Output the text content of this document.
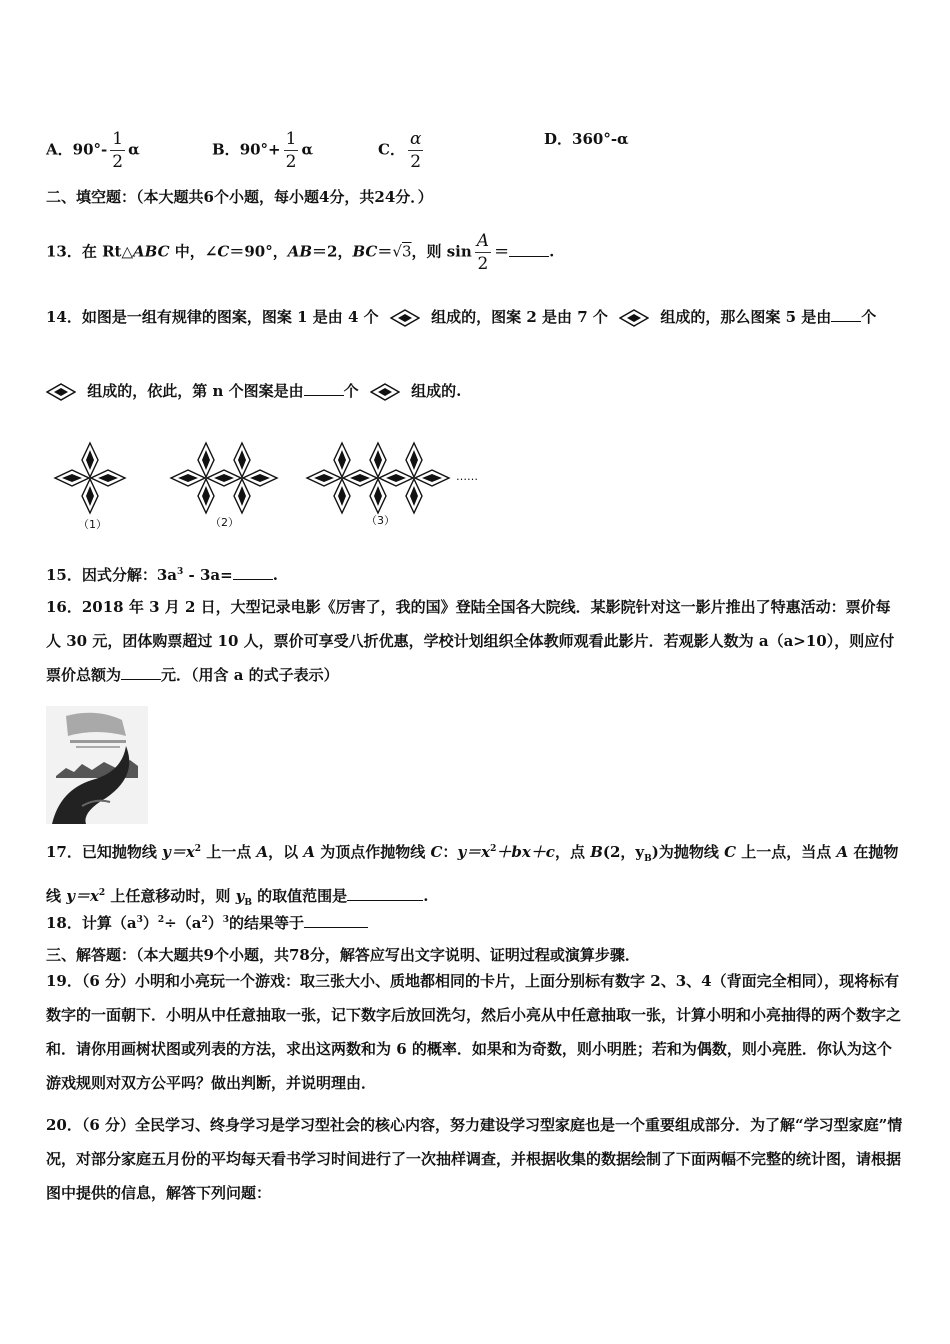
A．$90^\circ- \frac{1}{2}$ α	B．$90^\circ+ \frac{1}{2}$ α	C． $\frac{\alpha}{2}$	D．360°-α
二、填空题：（本大题共6个小题，每小题4分，共24分．）
13．在 Rt△ABC 中，∠C＝90°，AB＝2，BC＝√3，则 $\sin \frac{A}{2}$ ＝	.
14．如图是一组有规律的图案，图案 1 是由 4 个	组成的，图案 2 是由 7 个	组成的，那么图案 5 是由 个
组成的，依此，第 n 个图案是由	个	组成的.
……
（1）	（2）	（3）
15．因式分解：$3a^3 - 3a=$	.
16．2018 年 3 月 2 日，大型记录电影《厉害了，我的国》登陆全国各大院线．某影院针对这一影片推出了特惠活动：票价每人 30 元，团体购票超过 10 人，票价可享受八折优惠，学校计划组织全体教师观看此影片．若观影人数为 a（a>10），则应付票价总额为	元．（用含 a 的式子表示）
17．已知抛物线 $y=x^2$ 上一点 A，以 A 为顶点作抛物线 C：$y=x^2+bx+c$，点 B(2，$y_B$)为抛物线 C 上一点，当点 A 在抛物线 $y=x^2$ 上任意移动时，则 $y_B$ 的取值范围是	.
18．计算$(a^3)^2\div(a^2)^3$的结果等于
三、解答题：（本大题共9个小题，共78分，解答应写出文字说明、证明过程或演算步骤．
19．（6 分）小明和小亮玩一个游戏：取三张大小、质地都相同的卡片，上面分别标有数字 2、3、4（背面完全相同），现将标有数字的一面朝下．小明从中任意抽取一张，记下数字后放回洗匀，然后小亮从中任意抽取一张，计算小明和小亮抽得的两个数字之和．请你用画树状图或列表的方法，求出这两数和为 6 的概率．如果和为奇数，则小明胜；若和为偶数，则小亮胜．你认为这个游戏规则对双方公平吗？做出判断，并说明理由．
20．（6 分）全民学习、终身学习是学习型社会的核心内容，努力建设学习型家庭也是一个重要组成部分．为了解“学习型家庭”情况，对部分家庭五月份的平均每天看书学习时间进行了一次抽样调查，并根据收集的数据绘制了下面两幅不完整的统计图，请根据图中提供的信息，解答下列问题：
